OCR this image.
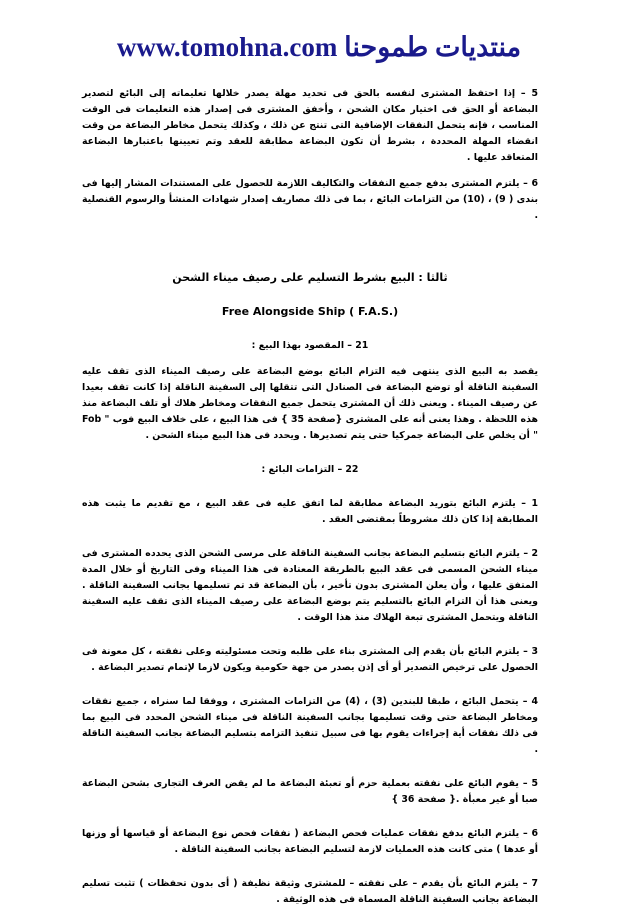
منتديات طموحنا www.tomohna.com

5 – إذا احتفظ المشترى لنفسه بالحق فى تحديد مهلة يصدر خلالها تعليماته إلى البائع لتصدير البضاعة أو الحق فى اختيار مكان الشحن ، وأخفق المشترى فى إصدار هذه التعليمات فى الوقت المناسب ، فإنه يتحمل النفقات الإضافية التى تنتج عن ذلك ، وكذلك يتحمل مخاطر البضاعة من وقت انقضاء المهلة المحددة ، بشرط أن تكون البضاعة مطابقة للعقد وتم تعيينها باعتبارها البضاعة المتعاقد عليها .

6 – يلتزم المشترى بدفع جميع النفقات والتكاليف اللازمة للحصول على المستندات المشار إليها فى بندى ( 9) ، (10) من التزامات البائع ، بما فى ذلك مصاريف إصدار شهادات المنشأ والرسوم القنصلية .

ثالثا : البيع بشرط التسليم على رصيف ميناء الشحن

(.Free Alongside Ship ( F.A.S

21 – المقصود بهذا البيع :

يقصد به البيع الذى ينتهى فيه التزام البائع بوضع البضاعة على رصيف الميناء الذى تقف عليه السفينة الناقلة أو توضع البضاعة فى الصنادل التى تتقلها إلى السفينة الناقلة إذا كانت تقف بعيدا عن رصيف الميناء . ويعنى ذلك أن المشترى يتحمل جميع النفقات ومخاطر هلاك أو تلف البضاعة منذ هذه اللحظة . وهذا يعنى أنه على المشترى {صفحة 35 } فى هذا البيع ، على خلاف البيع فوب " Fob " أن يخلص على البضاعة جمركيا حتى يتم تصديرها . ويحدد فى هذا البيع ميناء الشحن .

22 – التزامات البائع :

1 – يلتزم البائع بتوريد البضاعة مطابقة لما اتفق عليه فى عقد البيع ، مع تقديم ما يثبت هذه المطابقة إذا كان ذلك مشروطاً بمقتضى العقد .

2 – يلتزم البائع بتسليم البضاعة بجانب السفينة الناقلة على مرسى الشحن الذى يحدده المشترى فى ميناء الشحن المسمى فى عقد البيع بالطريقة المعتادة فى هذا الميناء وفى التاريخ أو خلال المدة المتفق عليها ، وأن يعلن المشترى بدون تأخير ، بأن البضاعة قد تم تسليمها بجانب السفينة الناقلة . ويعنى هذا أن التزام البائع بالتسليم يتم بوضع البضاعة على رصيف الميناء الذى تقف عليه السفينة الناقلة ويتحمل المشترى تبعة الهلاك منذ هذا الوقت .

3 – يلتزم البائع بأن يقدم إلى المشترى بناء على طلبه وتحت مسئوليته وعلى نفقته ، كل معونة فى الحصول على ترخيص التصدير أو أى إذن يصدر من جهة حكومية ويكون لازما لإتمام تصدير البضاعة .

4 – يتحمل البائع ، طبقا للبندين (3) ، (4) من التزامات المشترى ، ووفقا لما سنراه ، جميع نفقات ومخاطر البضاعة حتى وقت تسليمها بجانب السفينة الناقلة فى ميناء الشحن المحدد فى البيع بما فى ذلك نفقات أية إجراءات يقوم بها فى سبيل تنفيذ التزامه بتسليم البضاعة بجانب السفينة الناقلة .

5 – يقوم البائع على نفقته بعملية حزم أو تعبئة البضاعة ما لم يقض العرف التجارى بشحن البضاعة صبا أو غير معبأة .{ صفحة 36 }

6 – يلتزم البائع بدفع نفقات عمليات فحص البضاعة ( نفقات فحص نوع البضاعة أو قياسها أو وزنها أو عدها ) متى كانت هذه العمليات لازمة لتسليم البضاعة بجانب السفينة الناقلة .

7 – يلتزم البائع بأن يقدم – على نفقته – للمشترى وثيقة نظيفة ( أى بدون تحفظات ) تثبت تسليم البضاعة بجانب السفينة الناقلة المسماة فى هذه الوثيقة .
